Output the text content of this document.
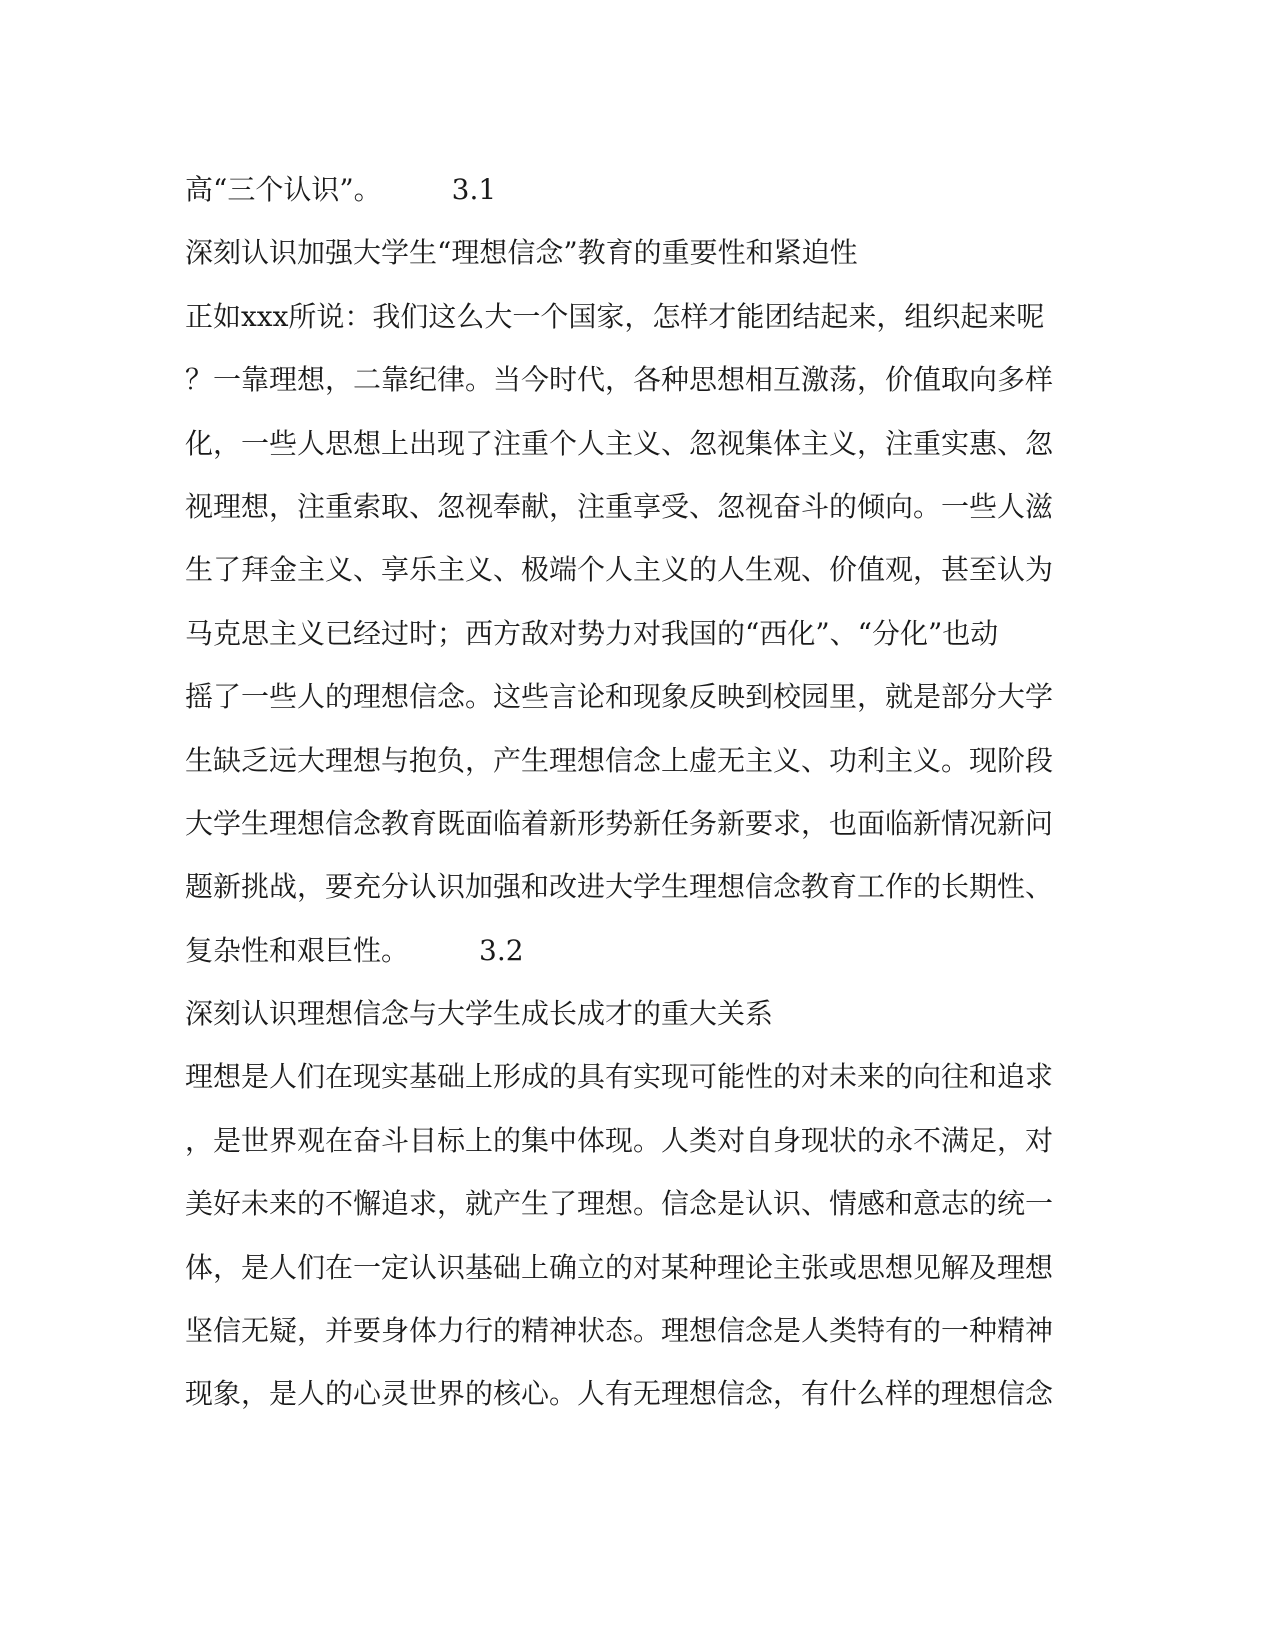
高“三个认识”。　　　3.1
深刻认识加强大学生“理想信念”教育的重要性和紧迫性
正如xxx所说：我们这么大一个国家，怎样才能团结起来，组织起来呢
？一靠理想，二靠纪律。当今时代，各种思想相互激荡，价值取向多样
化，一些人思想上出现了注重个人主义、忽视集体主义，注重实惠、忽
视理想，注重索取、忽视奉献，注重享受、忽视奋斗的倾向。一些人滋
生了拜金主义、享乐主义、极端个人主义的人生观、价值观，甚至认为
马克思主义已经过时；西方敌对势力对我国的“西化”、“分化”也动
摇了一些人的理想信念。这些言论和现象反映到校园里，就是部分大学
生缺乏远大理想与抱负，产生理想信念上虚无主义、功利主义。现阶段
大学生理想信念教育既面临着新形势新任务新要求，也面临新情况新问
题新挑战，要充分认识加强和改进大学生理想信念教育工作的长期性、
复杂性和艰巨性。　　　3.2
深刻认识理想信念与大学生成长成才的重大关系
理想是人们在现实基础上形成的具有实现可能性的对未来的向往和追求
，是世界观在奋斗目标上的集中体现。人类对自身现状的永不满足，对
美好未来的不懈追求，就产生了理想。信念是认识、情感和意志的统一
体，是人们在一定认识基础上确立的对某种理论主张或思想见解及理想
坚信无疑，并要身体力行的精神状态。理想信念是人类特有的一种精神
现象，是人的心灵世界的核心。人有无理想信念，有什么样的理想信念
